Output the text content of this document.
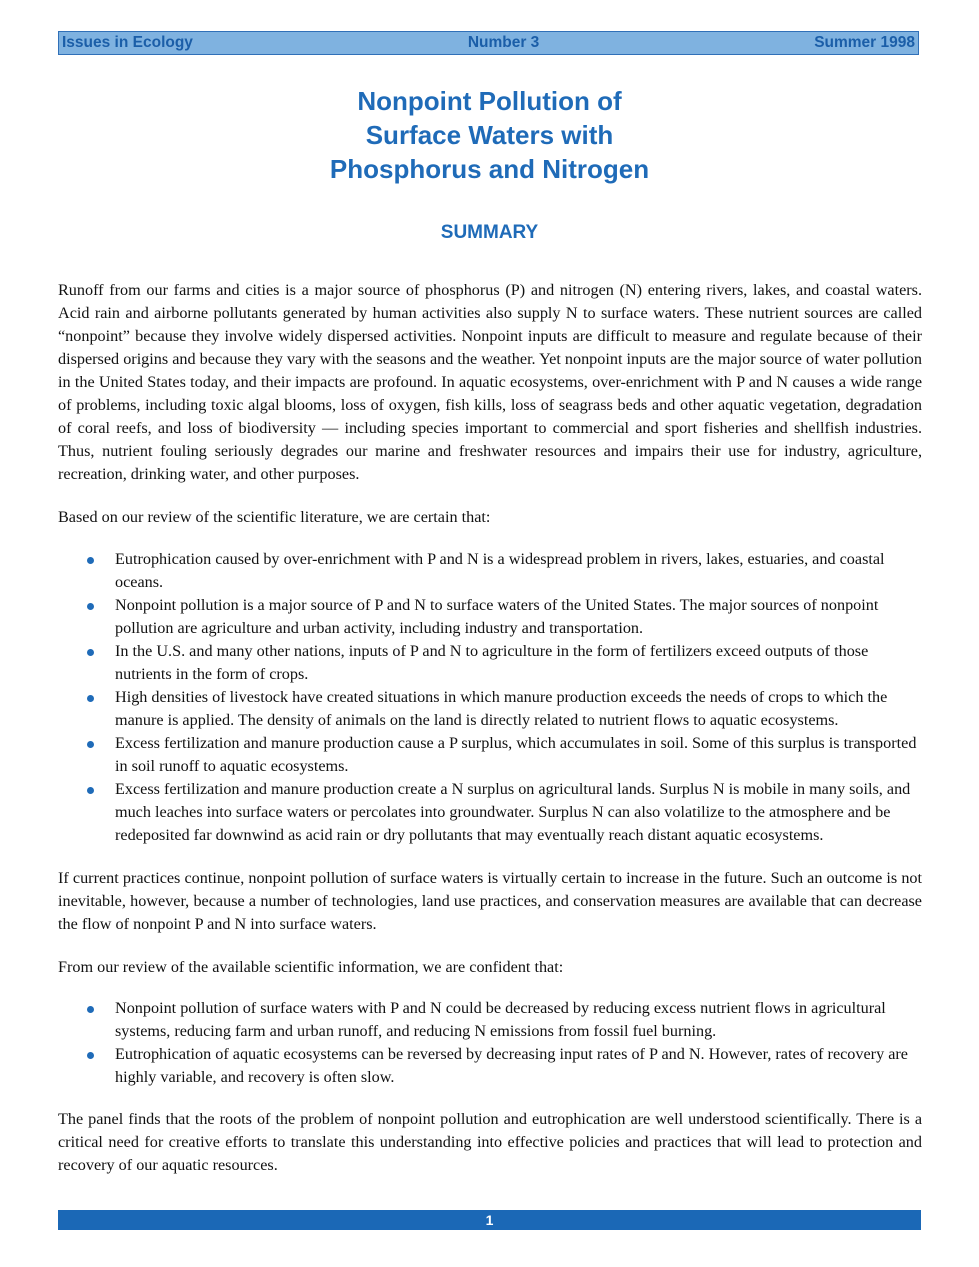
Issues in Ecology	Number 3	Summer 1998
Nonpoint Pollution of
Surface Waters with
Phosphorus and Nitrogen
SUMMARY

Runoff from our farms and cities is a major source of phosphorus (P) and nitrogen (N) entering rivers, lakes, and coastal waters. Acid rain and airborne pollutants generated by human activities also supply N to surface waters. These nutrient sources are called “nonpoint” because they involve widely dispersed activities. Nonpoint inputs are difficult to measure and regulate because of their dispersed origins and because they vary with the seasons and the weather. Yet nonpoint inputs are the major source of water pollution in the United States today, and their impacts are profound. In aquatic ecosystems, over-enrichment with P and N causes a wide range of problems, including toxic algal blooms, loss of oxygen, fish kills, loss of seagrass beds and other aquatic vegetation, degradation of coral reefs, and loss of biodiversity — including species important to commercial and sport fisheries and shellfish industries. Thus, nutrient fouling seriously degrades our marine and freshwater resources and impairs their use for industry, agriculture, recreation, drinking water, and other purposes.

Based on our review of the scientific literature, we are certain that:

Eutrophication caused by over-enrichment with P and N is a widespread problem in rivers, lakes, estuaries, and coastal oceans.
Nonpoint pollution is a major source of P and N to surface waters of the United States. The major sources of nonpoint pollution are agriculture and urban activity, including industry and transportation.
In the U.S. and many other nations, inputs of P and N to agriculture in the form of fertilizers exceed outputs of those nutrients in the form of crops.
High densities of livestock have created situations in which manure production exceeds the needs of crops to which the manure is applied. The density of animals on the land is directly related to nutrient flows to aquatic ecosystems.
Excess fertilization and manure production cause a P surplus, which accumulates in soil. Some of this surplus is transported in soil runoff to aquatic ecosystems.
Excess fertilization and manure production create a N surplus on agricultural lands. Surplus N is mobile in many soils, and much leaches into surface waters or percolates into groundwater. Surplus N can also volatilize to the atmosphere and be redeposited far downwind as acid rain or dry pollutants that may eventually reach distant aquatic ecosystems.

If current practices continue, nonpoint pollution of surface waters is virtually certain to increase in the future. Such an outcome is not inevitable, however, because a number of technologies, land use practices, and conservation measures are available that can decrease the flow of nonpoint P and N into surface waters.

From our review of the available scientific information, we are confident that:

Nonpoint pollution of surface waters with P and N could be decreased by reducing excess nutrient flows in agricultural systems, reducing farm and urban runoff, and reducing N emissions from fossil fuel burning.
Eutrophication of aquatic ecosystems can be reversed by decreasing input rates of P and N. However, rates of recovery are highly variable, and recovery is often slow.

The panel finds that the roots of the problem of nonpoint pollution and eutrophication are well understood scientifically. There is a critical need for creative efforts to translate this understanding into effective policies and practices that will lead to protection and recovery of our aquatic resources.

1
